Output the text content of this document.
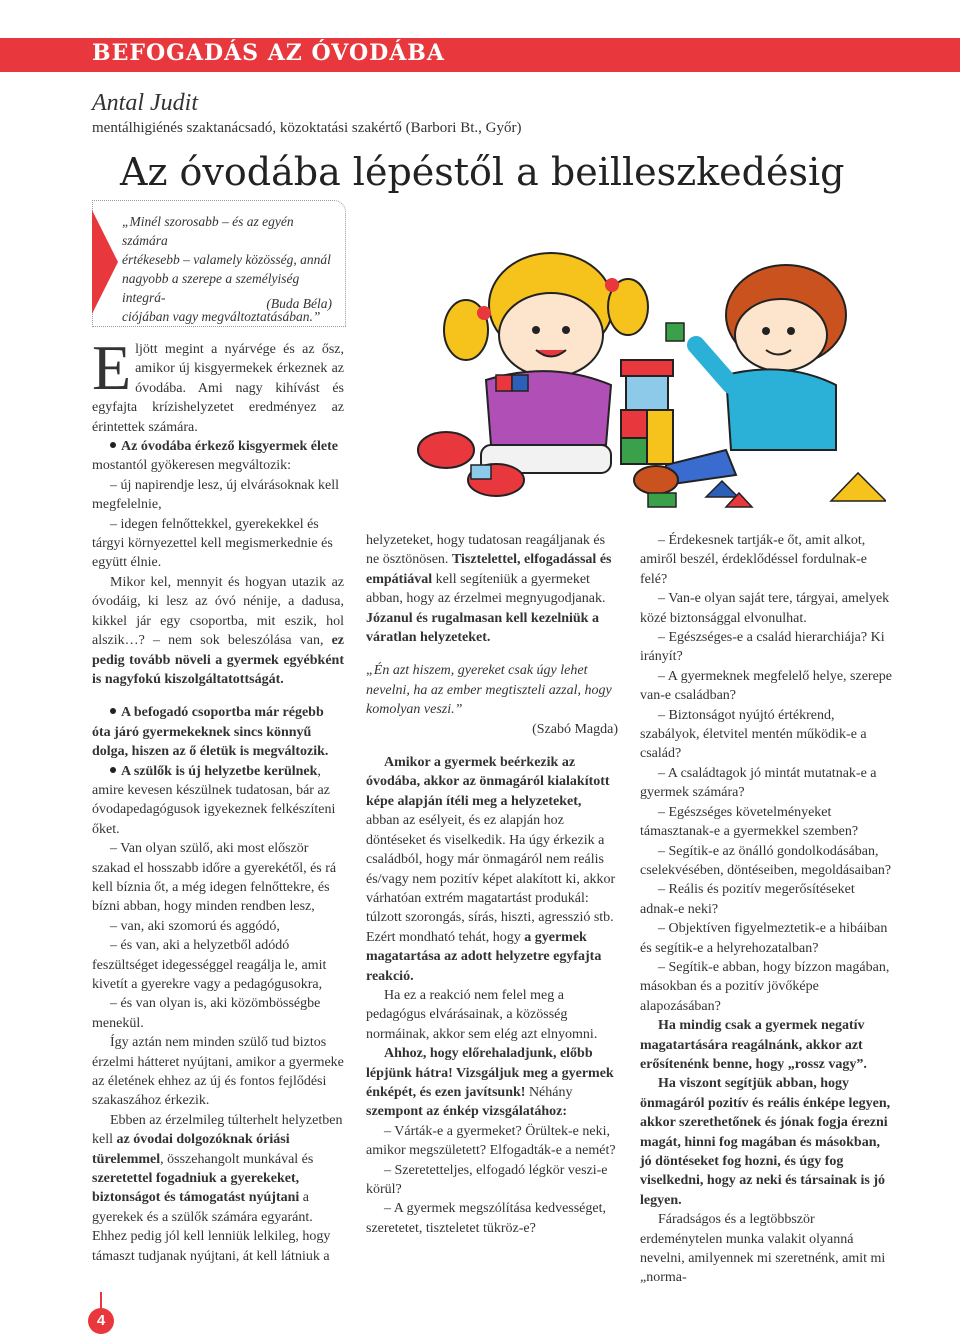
BEFOGADÁS AZ ÓVODÁBA
Antal Judit
mentálhigiénés szaktanácsadó, közoktatási szakértő (Barbori Bt., Győr)
Az óvodába lépéstől a beilleszkedésig
„Minél szorosabb – és az egyén számára
értékesebb – valamely közösség, annál
nagyobb a szerepe a személyiség integrá-
ciójában vagy megváltoztatásában.”
(Buda Béla)

Eljött megint a nyárvége és az ősz, amikor új kisgyermekek érkeznek az óvodába. Ami nagy kihívást és egyfajta krízishelyzetet eredményez az érintettek számára.

Az óvodába érkező kisgyermek élete mostantól gyökeresen megváltozik:

– új napirendje lesz, új elvárásoknak kell megfelelnie,

– idegen felnőttekkel, gyerekekkel és tárgyi környezettel kell megismerkednie és együtt élnie.

Mikor kel, mennyit és hogyan utazik az óvodáig, ki lesz az óvó nénije, a dadusa, kikkel jár egy csoportba, mit eszik, hol alszik…? – nem sok beleszólása van, ez pedig tovább növeli a gyermek egyébként is nagyfokú kiszolgáltatottságát.

A befogadó csoportba már régebb óta járó gyermekeknek sincs könnyű dolga, hiszen az ő életük is megváltozik.

A szülők is új helyzetbe kerülnek, amire kevesen készülnek tudatosan, bár az óvodapedagógusok igyekeznek felkészíteni őket.

– Van olyan szülő, aki most először szakad el hosszabb időre a gyerekétől, és rá kell bíznia őt, a még idegen felnőttekre, és bízni abban, hogy minden rendben lesz,

– van, aki szomorú és aggódó,

– és van, aki a helyzetből adódó feszültséget idegességgel reagálja le, amit kivetít a gyerekre vagy a pedagógusokra,

– és van olyan is, aki közömbösségbe menekül.

Így aztán nem minden szülő tud biztos érzelmi hátteret nyújtani, amikor a gyermeke az életének ehhez az új és fontos fejlődési szakaszához érkezik.

Ebben az érzelmileg túlterhelt helyzetben kell az óvodai dolgozóknak óriási türelemmel, összehangolt munkával és szeretettel fogadniuk a gyerekeket, biztonságot és támogatást nyújtani a gyerekek és a szülők számára egyaránt. Ehhez pedig jól kell lenniük lelkileg, hogy támaszt tudjanak nyújtani, át kell látniuk a

helyzeteket, hogy tudatosan reagáljanak és ne ösztönösen. Tisztelettel, elfogadással és empátiával kell segíteniük a gyermeket abban, hogy az érzelmei megnyugodjanak. Józanul és rugalmasan kell kezelniük a váratlan helyzeteket.

„Én azt hiszem, gyereket csak úgy lehet nevelni, ha az ember megtiszteli azzal, hogy komolyan veszi.”

(Szabó Magda)

Amikor a gyermek beérkezik az óvodába, akkor az önmagáról kialakított képe alapján ítéli meg a helyzeteket, abban az esélyeit, és ez alapján hoz döntéseket és viselkedik. Ha úgy érkezik a családból, hogy már önmagáról nem reális és/vagy nem pozitív képet alakított ki, akkor várhatóan extrém magatartást produkál: túlzott szorongás, sírás, hiszti, agresszió stb. Ezért mondható tehát, hogy a gyermek magatartása az adott helyzetre egyfajta reakció.

Ha ez a reakció nem felel meg a pedagógus elvárásainak, a közösség normáinak, akkor sem elég azt elnyomni.

Ahhoz, hogy előrehaladjunk, előbb lépjünk hátra! Vizsgáljuk meg a gyermek énképét, és ezen javítsunk! Néhány szempont az énkép vizsgálatához:

– Várták-e a gyermeket? Örültek-e neki, amikor megszületett? Elfogadták-e a nemét?

– Szeretetteljes, elfogadó légkör veszi-e körül?

– A gyermek megszólítása kedvességet, szeretetet, tiszteletet tükröz-e?

– Érdekesnek tartják-e őt, amit alkot, amiről beszél, érdeklődéssel fordulnak-e felé?

– Van-e olyan saját tere, tárgyai, amelyek közé biztonsággal elvonulhat.

– Egészséges-e a család hierarchiája? Ki irányít?

– A gyermeknek megfelelő helye, szerepe van-e családban?

– Biztonságot nyújtó értékrend, szabályok, életvitel mentén működik-e a család?

– A családtagok jó mintát mutatnak-e a gyermek számára?

– Egészséges követelményeket támasztanak-e a gyermekkel szemben?

– Segítik-e az önálló gondolkodásában, cselekvésében, döntéseiben, megoldásaiban?

– Reális és pozitív megerősítéseket adnak-e neki?

– Objektíven figyelmeztetik-e a hibáiban és segítik-e a helyrehozatalban?

– Segítik-e abban, hogy bízzon magában, másokban és a pozitív jövőképe alapozásában?

Ha mindig csak a gyermek negatív magatartására reagálnánk, akkor azt erősítenénk benne, hogy „rossz vagy”.

Ha viszont segítjük abban, hogy önmagáról pozitív és reális énképe legyen, akkor szerethetőnek és jónak fogja érezni magát, hinni fog magában és másokban, jó döntéseket fog hozni, és úgy fog viselkedni, hogy az neki és társainak is jó legyen.

Fáradságos és a legtöbbször erdeménytelen munka valakit olyanná nevelni, amilyennek mi szeretnénk, amit mi „norma-

4
